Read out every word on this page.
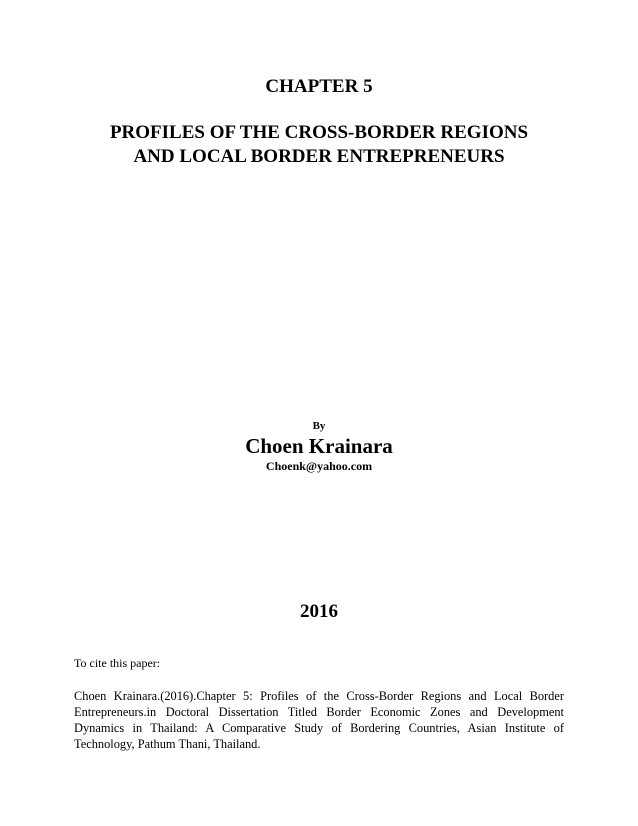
CHAPTER 5
PROFILES OF THE CROSS-BORDER REGIONS
AND LOCAL BORDER ENTREPRENEURS
By
Choen Krainara
Choenk@yahoo.com
2016
To cite this paper:
Choen Krainara.(2016).Chapter 5: Profiles of the Cross-Border Regions and Local Border Entrepreneurs.in Doctoral Dissertation Titled Border Economic Zones and Development Dynamics in Thailand: A Comparative Study of Bordering Countries, Asian Institute of Technology, Pathum Thani, Thailand.
